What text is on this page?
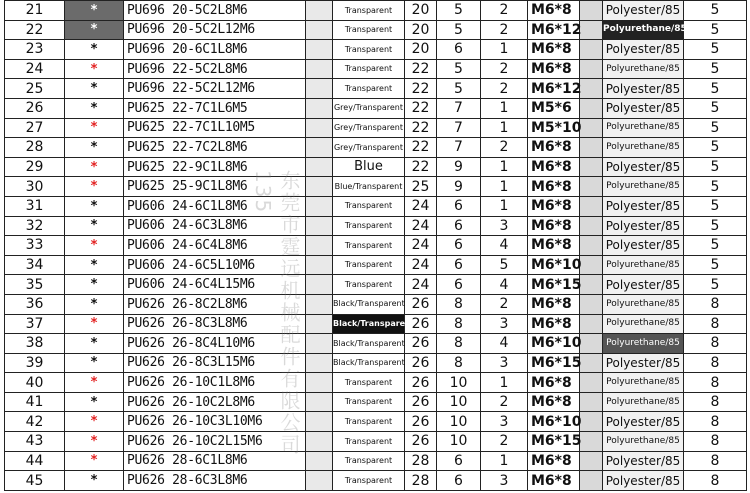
21	*	PU696 20-5C2L8M6		Transparent	20	5	2	M6*8		Polyester/85	5
22	*	PU696 20-5C2L12M6		Transparent	20	5	2	M6*12		Polyurethane/85	5
23	*	PU696 20-6C1L8M6		Transparent	20	6	1	M6*8		Polyester/85	5
24	*	PU696 22-5C2L8M6		Transparent	22	5	2	M6*8		Polyurethane/85	5
25	*	PU696 22-5C2L12M6		Transparent	22	5	2	M6*12		Polyester/85	5
26	*	PU625 22-7C1L6M5		Grey/Transparent	22	7	1	M5*6		Polyester/85	5
27	*	PU625 22-7C1L10M5		Grey/Transparent	22	7	1	M5*10		Polyurethane/85	5
28	*	PU625 22-7C2L8M6		Grey/Transparent	22	7	2	M6*8		Polyurethane/85	5
29	*	PU625 22-9C1L8M6		Blue	22	9	1	M6*8		Polyester/85	5
30	*	PU625 25-9C1L8M6		Blue/Transparent	25	9	1	M6*8		Polyurethane/85	5
31	*	PU606 24-6C1L8M6		Transparent	24	6	1	M6*8		Polyester/85	5
32	*	PU606 24-6C3L8M6		Transparent	24	6	3	M6*8		Polyester/85	5
33	*	PU606 24-6C4L8M6		Transparent	24	6	4	M6*8		Polyester/85	5
34	*	PU606 24-6C5L10M6		Transparent	24	6	5	M6*10		Polyurethane/85	5
35	*	PU606 24-6C4L15M6		Transparent	24	6	4	M6*15		Polyester/85	5
36	*	PU626 26-8C2L8M6		Black/Transparent	26	8	2	M6*8		Polyurethane/85	8
37	*	PU626 26-8C3L8M6		Black/Transparent	26	8	3	M6*8		Polyurethane/85	8
38	*	PU626 26-8C4L10M6		Black/Transparent	26	8	4	M6*10		Polyurethane/85	8
39	*	PU626 26-8C3L15M6		Black/Transparent	26	8	3	M6*15		Polyester/85	8
40	*	PU626 26-10C1L8M6		Transparent	26	10	1	M6*8		Polyurethane/85	8
41	*	PU626 26-10C2L8M6		Transparent	26	10	2	M6*8		Polyurethane/85	8
42	*	PU626 26-10C3L10M6		Transparent	26	10	3	M6*10		Polyester/85	8
43	*	PU626 26-10C2L15M6		Transparent	26	10	2	M6*15		Polyurethane/85	8
44	*	PU626 28-6C1L8M6		Transparent	28	6	1	M6*8		Polyester/85	8
45	*	PU626 28-6C3L8M6		Transparent	28	6	3	M6*8		Polyester/85	8
东莞市霆远机械配件有限公司135
